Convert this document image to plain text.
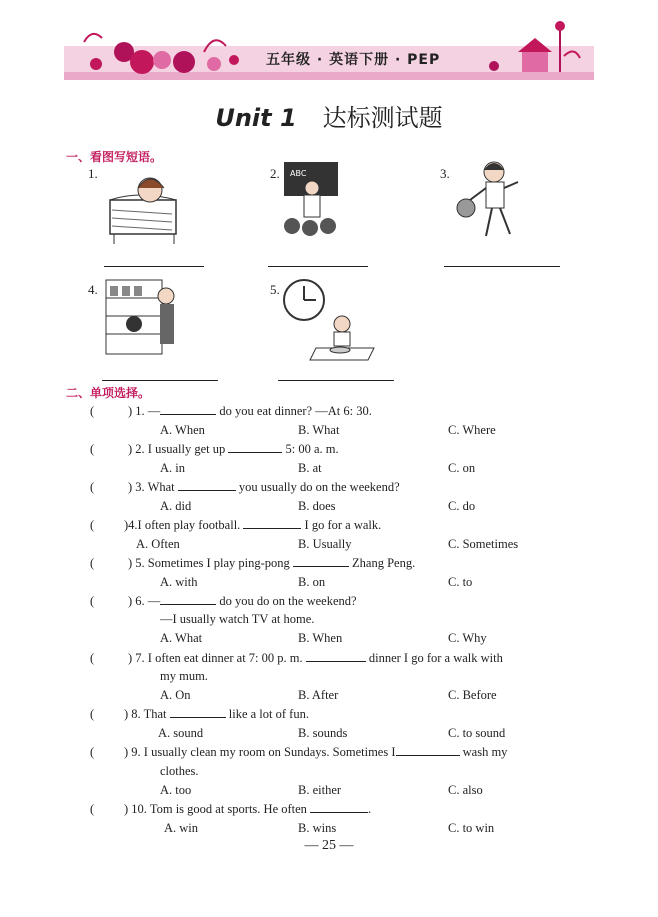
五年级 · 英语下册 · PEP
Unit 1 达标测试题
一、看图写短语。
1.	2. ABC	3.
4.	5.
二、单项选择。
(	) 1. —	do you eat dinner? —At 6: 30.
A. When	B. What	C. Where
(	) 2. I usually get up	5: 00 a. m.
A. in	B. at	C. on
(	) 3. What	you usually do on the weekend?
A. did	B. does	C. do
( )4.I often play football.	I go for a walk.
A. Often	B. Usually	C. Sometimes
(	) 5. Sometimes I play ping-pong	Zhang Peng.
A. with	B. on	C. to
(	) 6. —	do you do on the weekend?
—I usually watch TV at home.
A. What	B. When	C. Why
(	) 7. I often eat dinner at 7: 00 p. m.	dinner I go for a walk with
my mum.
A. On	B. After	C. Before
( ) 8. That	like a lot of fun.
A. sound	B. sounds	C. to sound
( ) 9. I usually clean my room on Sundays. Sometimes I	wash my
clothes.
A. too	B. either	C. also
( ) 10. Tom is good at sports. He often	.
A. win	B. wins	C. to win
— 25 —
